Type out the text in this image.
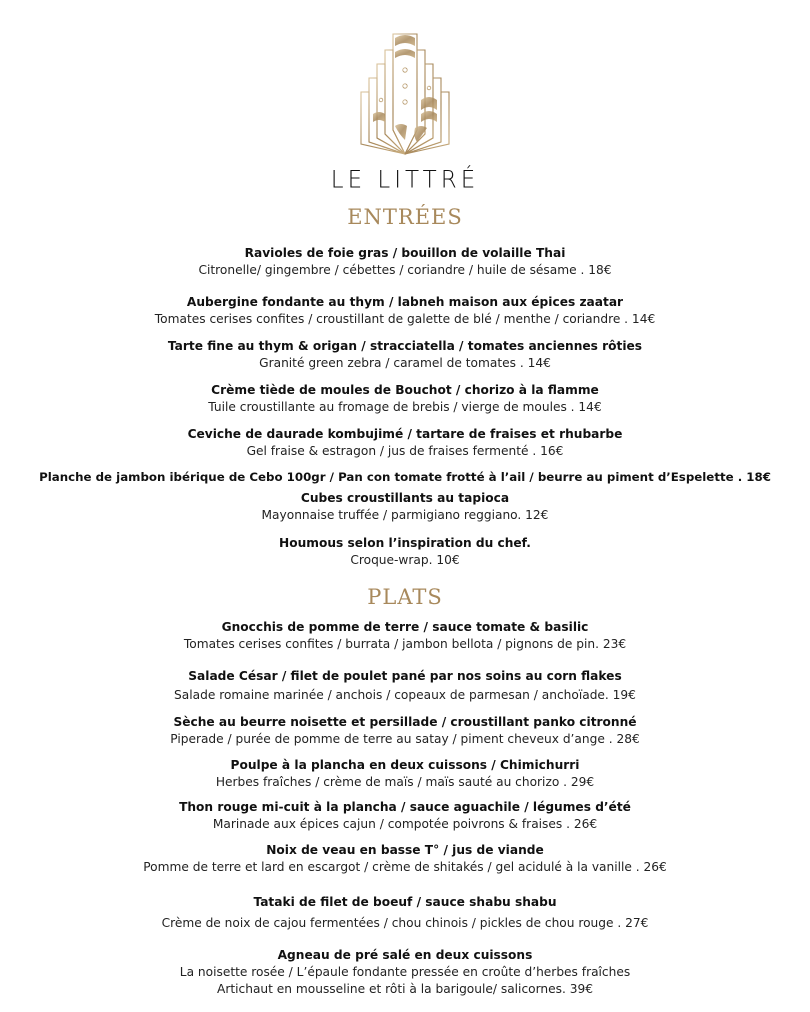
LE LITTRÉ
ENTRÉES
Ravioles de foie gras / bouillon de volaille Thai
Citronelle/ gingembre / cébettes / coriandre / huile de sésame . 18€
Aubergine fondante au thym / labneh maison aux épices zaatar
Tomates cerises confites / croustillant de galette de blé / menthe / coriandre . 14€
Tarte fine au thym & origan / stracciatella / tomates anciennes rôties
Granité green zebra / caramel de tomates . 14€
Crème tiède de moules de Bouchot / chorizo à la flamme
Tuile croustillante au fromage de brebis / vierge de moules . 14€
Ceviche de daurade kombujimé / tartare de fraises et rhubarbe
Gel fraise & estragon / jus de fraises fermenté . 16€
Planche de jambon ibérique de Cebo 100gr / Pan con tomate frotté à l’ail / beurre au piment d’Espelette . 18€
Cubes croustillants au tapioca
Mayonnaise truffée / parmigiano reggiano. 12€
Houmous selon l’inspiration du chef.
Croque-wrap. 10€
PLATS
Gnocchis de pomme de terre / sauce tomate & basilic
Tomates cerises confites / burrata / jambon bellota / pignons de pin. 23€
Salade César / filet de poulet pané par nos soins au corn flakes
Salade romaine marinée / anchois / copeaux de parmesan / anchoïade. 19€
Sèche au beurre noisette et persillade / croustillant panko citronné
Piperade / purée de pomme de terre au satay / piment cheveux d’ange . 28€
Poulpe à la plancha en deux cuissons / Chimichurri
Herbes fraîches / crème de maïs / maïs sauté au chorizo . 29€
Thon rouge mi-cuit à la plancha / sauce aguachile / légumes d’été
Marinade aux épices cajun / compotée poivrons & fraises . 26€
Noix de veau en basse T° / jus de viande
Pomme de terre et lard en escargot / crème de shitakés / gel acidulé à la vanille . 26€
Tataki de filet de boeuf / sauce shabu shabu
Crème de noix de cajou fermentées / chou chinois / pickles de chou rouge . 27€
Agneau de pré salé en deux cuissons
La noisette rosée / L’épaule fondante pressée en croûte d’herbes fraîches
Artichaut en mousseline et rôti à la barigoule/ salicornes. 39€
